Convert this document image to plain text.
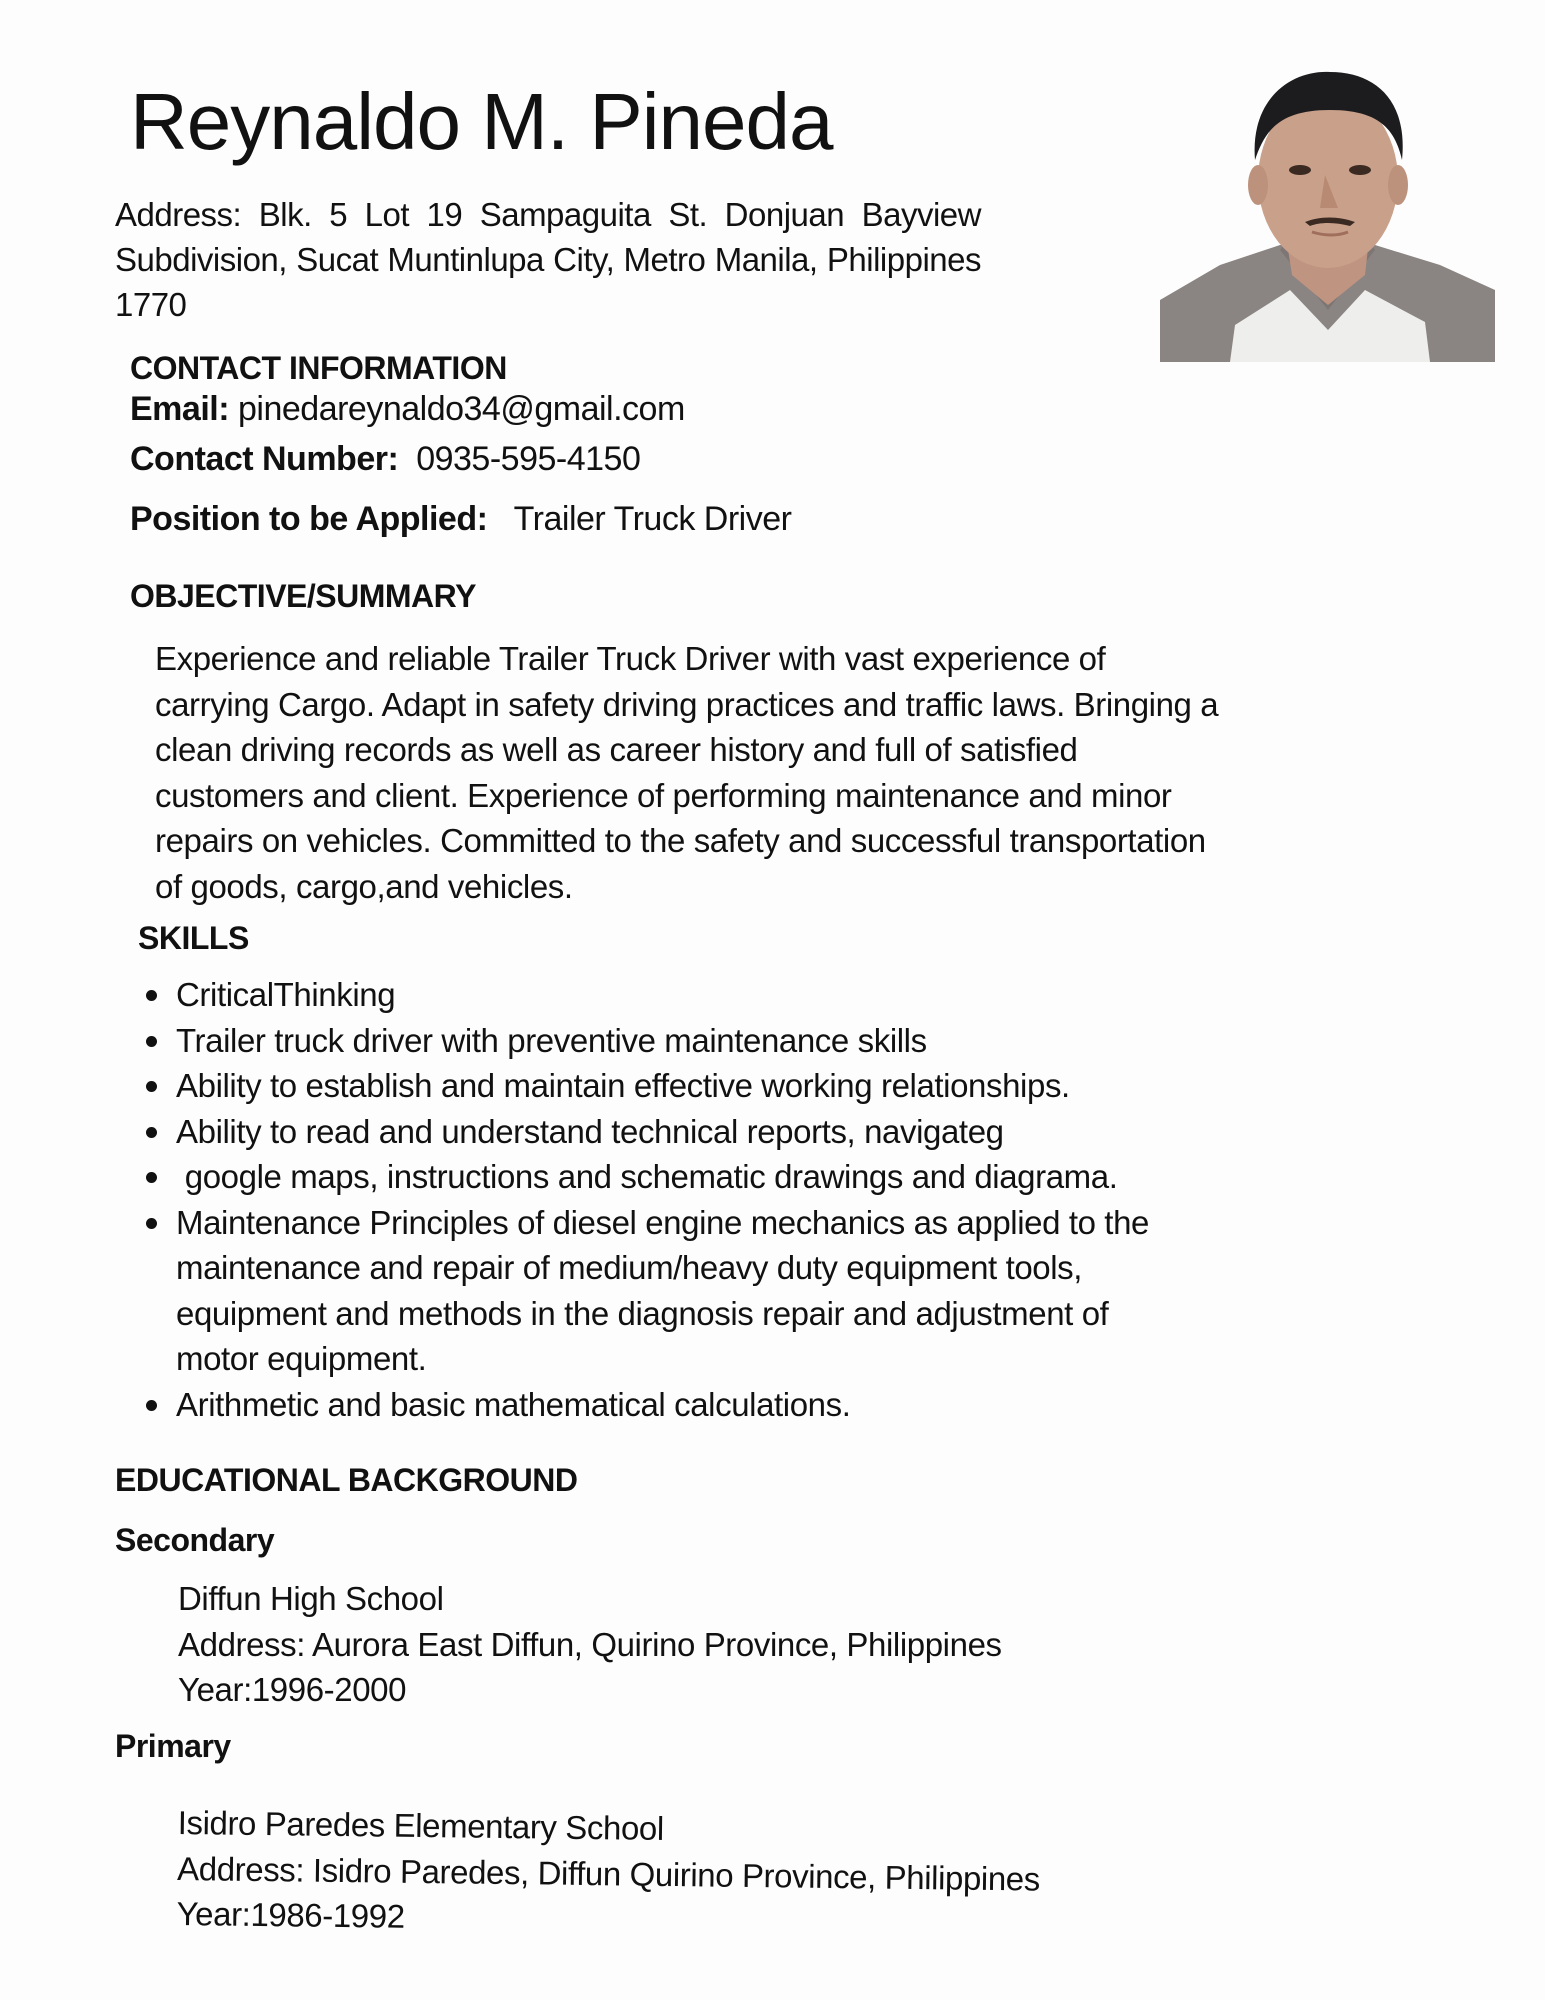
Reynaldo M. Pineda
Address: Blk. 5 Lot 19 Sampaguita St. Donjuan Bayview Subdivision, Sucat Muntinlupa City, Metro Manila, Philippines 1770
CONTACT INFORMATION
Email: pinedareynaldo34@gmail.com
Contact Number: 0935-595-4150
Position to be Applied: Trailer Truck Driver
OBJECTIVE/SUMMARY
Experience and reliable Trailer Truck Driver with vast experience of
carrying Cargo. Adapt in safety driving practices and traffic laws. Bringing a
clean driving records as well as career history and full of satisfied
customers and client. Experience of performing maintenance and minor
repairs on vehicles. Committed to the safety and successful transportation
of goods, cargo,and vehicles.
SKILLS
CriticalThinking
Trailer truck driver with preventive maintenance skills
Ability to establish and maintain effective working relationships.
Ability to read and understand technical reports, navigateg
google maps, instructions and schematic drawings and diagrama.
Maintenance Principles of diesel engine mechanics as applied to the
maintenance and repair of medium/heavy duty equipment tools,
equipment and methods in the diagnosis repair and adjustment of
motor equipment.
Arithmetic and basic mathematical calculations.
EDUCATIONAL BACKGROUND
Secondary
Diffun High School
Address: Aurora East Diffun, Quirino Province, Philippines
Year:1996-2000
Primary
Isidro Paredes Elementary School
Address: Isidro Paredes, Diffun Quirino Province, Philippines
Year:1986-1992
